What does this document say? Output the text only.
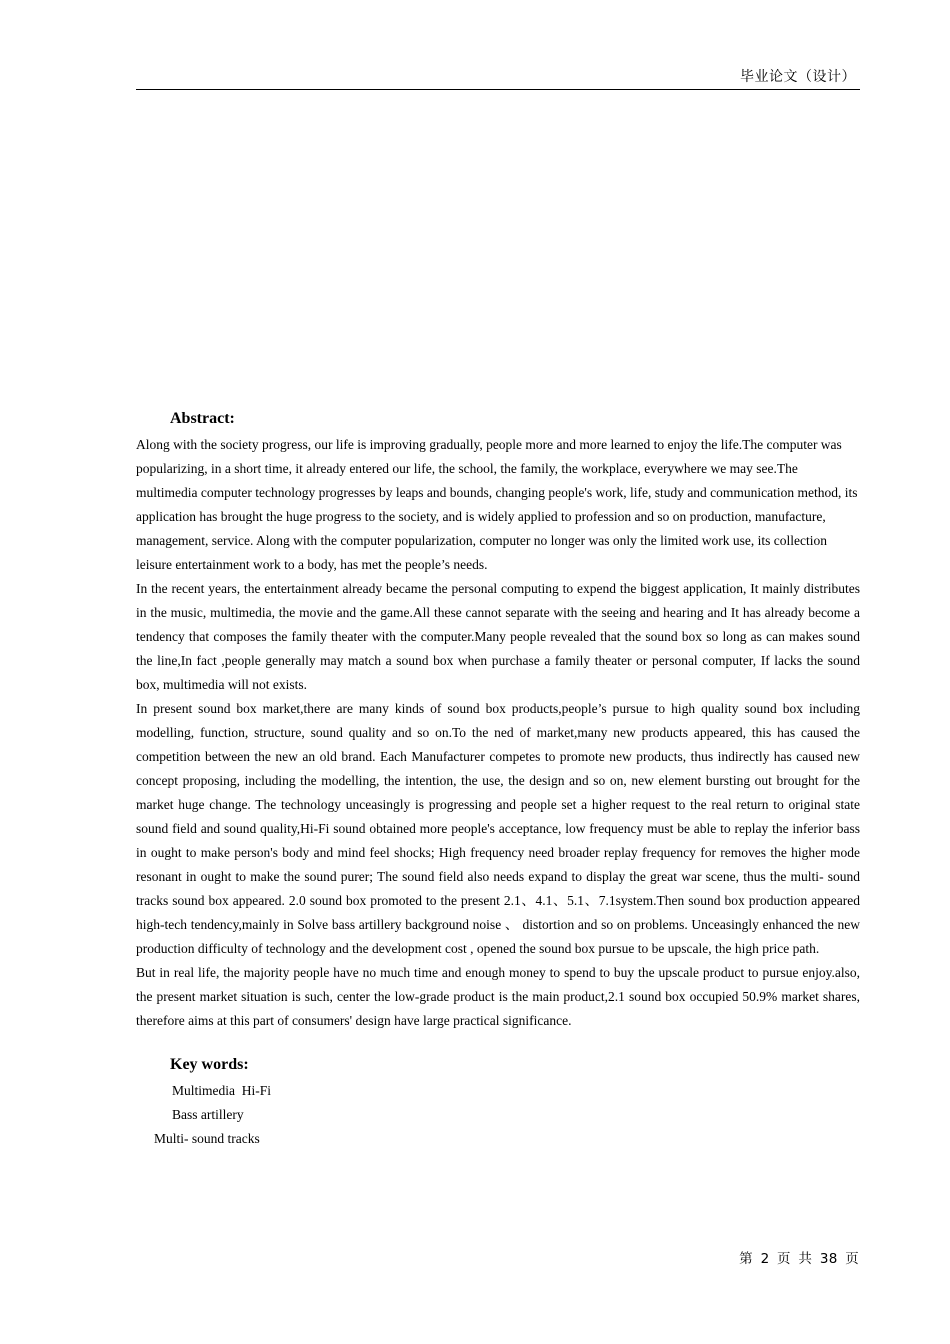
毕业论文（设计）
Abstract:

Along with the society progress, our life is improving gradually, people more and more learned to enjoy the life.The computer was popularizing, in a short time, it already entered our life, the school, the family, the workplace, everywhere we may see.The multimedia computer technology progresses by leaps and bounds, changing people's work, life, study and communication method, its application has brought the huge progress to the society, and is widely applied to profession and so on production, manufacture, management, service. Along with the computer popularization, computer no longer was only the limited work use, its collection leisure entertainment work to a body, has met the people’s needs.

In the recent years, the entertainment already became the personal computing to expend the biggest application, It mainly distributes in the music, multimedia, the movie and the game.All these cannot separate with the seeing and hearing and It has already become a tendency that composes the family theater with the computer.Many people revealed that the sound box so long as can makes sound the line,In fact ,people generally may match a sound box when purchase a family theater or personal computer, If lacks the sound box, multimedia will not exists.

In present sound box market,there are many kinds of sound box products,people’s pursue to high quality sound box including modelling, function, structure, sound quality and so on.To the ned of market,many new products appeared, this has caused the competition between the new an old brand. Each Manufacturer competes to promote new products, thus indirectly has caused new concept proposing, including the modelling, the intention, the use, the design and so on, new element bursting out brought for the market huge change. The technology unceasingly is progressing and people set a higher request to the real return to original state sound field and sound quality,Hi-Fi sound obtained more people's acceptance, low frequency must be able to replay the inferior bass in ought to make person's body and mind feel shocks; High frequency need broader replay frequency for removes the higher mode resonant in ought to make the sound purer; The sound field also needs expand to display the great war scene, thus the multi- sound tracks sound box appeared. 2.0 sound box promoted to the present 2.1、4.1、5.1、7.1system.Then sound box production appeared high-tech tendency,mainly in Solve bass artillery background noise 、 distortion and so on problems. Unceasingly enhanced the new production difficulty of technology and the development cost , opened the sound box pursue to be upscale, the high price path.

But in real life, the majority people have no much time and enough money to spend to buy the upscale product to pursue enjoy.also, the present market situation is such, center the low-grade product is the main product,2.1 sound box occupied 50.9% market shares, therefore aims at this part of consumers' design have large practical significance.

Key words:
Multimedia  Hi-Fi
Bass artillery
Multi- sound tracks
第 2 页 共 38 页
